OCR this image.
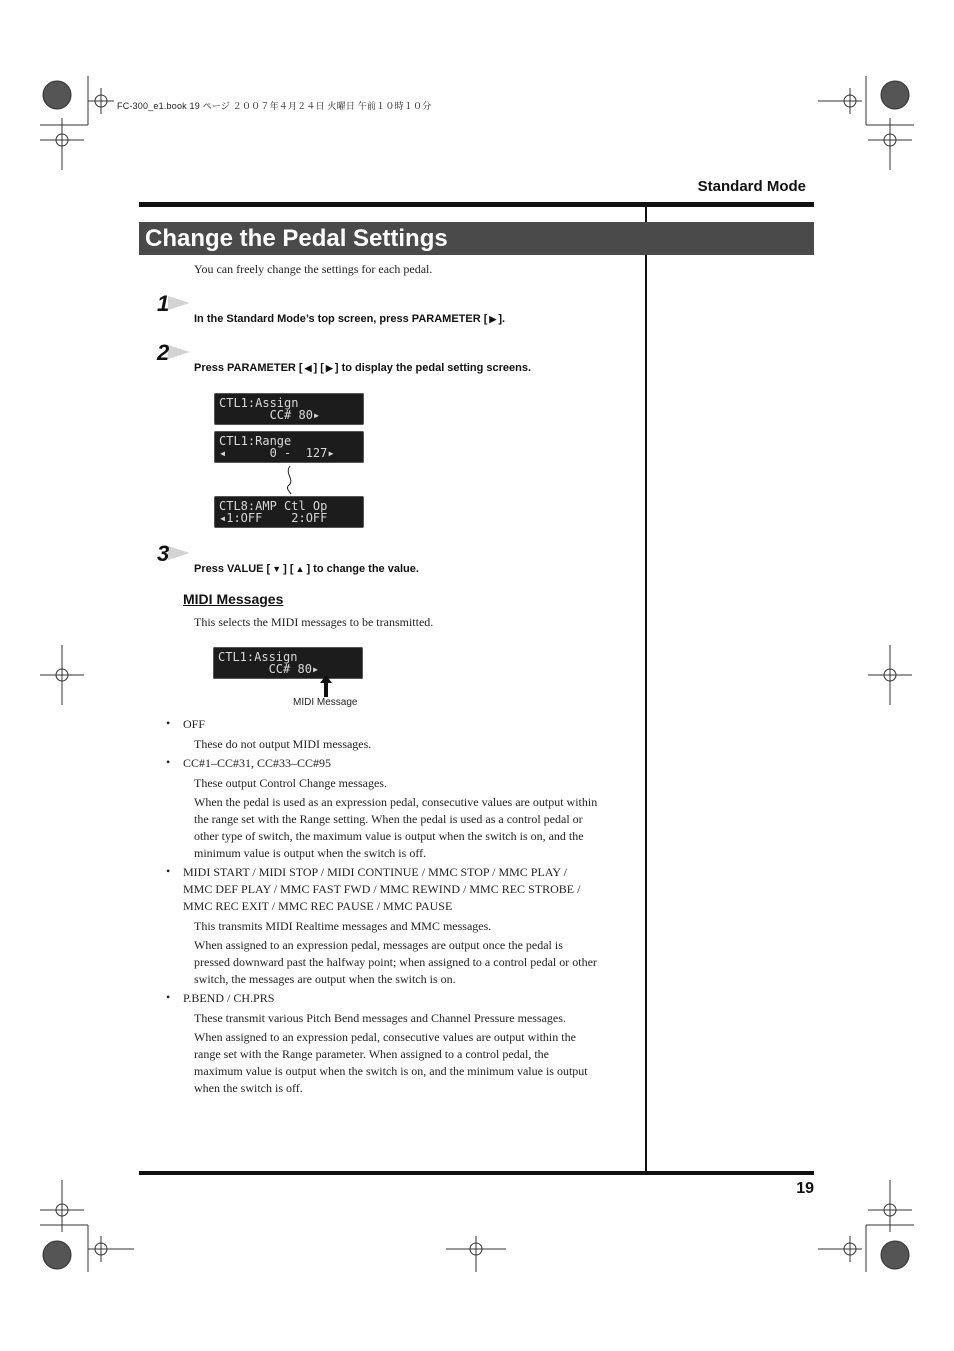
FC-300_e1.book 19 ページ ２００７年４月２４日 火曜日 午前１０時１０分
Standard Mode
Change the Pedal Settings
You can freely change the settings for each pedal.
1
In the Standard Mode’s top screen, press PARAMETER [ ▶ ].
2
Press PARAMETER [ ◀ ] [ ▶ ] to display the pedal setting screens.
CTL1:Assign
CC# 80▸
CTL1:Range
◂      0 -  127▸
CTL8:AMP Ctl Op
◂1:OFF    2:OFF
3
Press VALUE [ ▼ ] [ ▲ ] to change the value.
MIDI Messages
This selects the MIDI messages to be transmitted.
CTL1:Assign
CC# 80▸
MIDI Message
• OFF
These do not output MIDI messages.
• CC#1–CC#31, CC#33–CC#95
These output Control Change messages.
When the pedal is used as an expression pedal, consecutive values are output within
the range set with the Range setting. When the pedal is used as a control pedal or
other type of switch, the maximum value is output when the switch is on, and the
minimum value is output when the switch is off.
• MIDI START / MIDI STOP / MIDI CONTINUE / MMC STOP / MMC PLAY /
MMC DEF PLAY / MMC FAST FWD / MMC REWIND / MMC REC STROBE /
MMC REC EXIT / MMC REC PAUSE / MMC PAUSE
This transmits MIDI Realtime messages and MMC messages.
When assigned to an expression pedal, messages are output once the pedal is
pressed downward past the halfway point; when assigned to a control pedal or other
switch, the messages are output when the switch is on.
• P.BEND / CH.PRS
These transmit various Pitch Bend messages and Channel Pressure messages.
When assigned to an expression pedal, consecutive values are output within the
range set with the Range parameter. When assigned to a control pedal, the
maximum value is output when the switch is on, and the minimum value is output
when the switch is off.
19
